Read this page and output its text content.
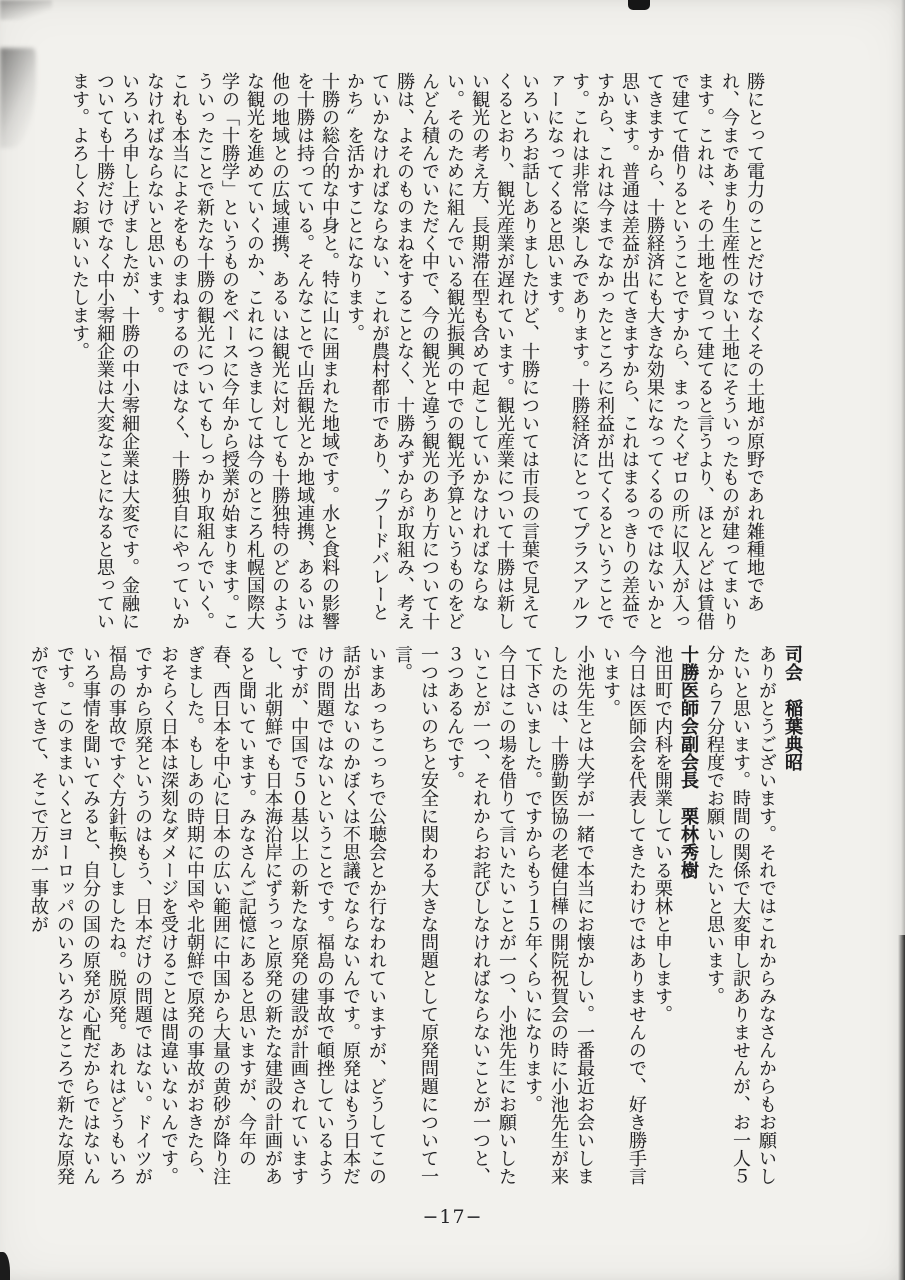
勝にとって電力のことだけでなくその土地が原野であれ雑種地であれ、今まであまり生産性のない土地にそういったものが建ってまいります。これは、その土地を買って建てると言うより、ほとんどは賃借で建てて借りるということですから、まったくゼロの所に収入が入ってきますから、十勝経済にも大きな効果になってくるのではないかと思います。普通は差益が出てきますから、これはまるっきりの差益ですから、これは今までなかったところに利益が出てくるということです。これは非常に楽しみであります。十勝経済にとってプラスアルファーになってくると思います。

いろいろお話しありましたけど、十勝については市長の言葉で見えてくるとおり、観光産業が遅れています。観光産業について十勝は新しい観光の考え方、長期滞在型も含めて起こしていかなければならない。そのために組んでいる観光振興の中での観光予算というものをどんどん積んでいただく中で、今の観光と違う観光のあり方について十勝は、よそのものまねをすることなく、十勝みずからが取組み、考えていかなければならない、これが農村都市であり、〝フードバレーとかち〟を活かすことになります。

十勝の総合的な中身と。特に山に囲まれた地域です。水と食料の影響を十勝は持っている。そんなことで山岳観光とか地域連携、あるいは他の地域との広域連携、あるいは観光に対しても十勝独特のどのような観光を進めていくのか、これにつきましては今のところ札幌国際大学の「十勝学」というものをベースに今年から授業が始まります。こういったことで新たな十勝の観光についてもしっかり取組んでいく。これも本当によそをものまねするのではなく、十勝独自にやっていかなければならないと思います。

いろいろ申し上げましたが、十勝の中小零細企業は大変です。金融についても十勝だけでなく中小零細企業は大変なことになると思っています。よろしくお願いいたします。

司会　稲葉典昭

ありがとうございます。それではこれからみなさんからもお願いしたいと思います。時間の関係で大変申し訳ありませんが、お一人５分から７分程度でお願いしたいと思います。

十勝医師会副会長　栗林秀樹

池田町で内科を開業している栗林と申します。

今日は医師会を代表してきたわけではありませんので、好き勝手言います。

小池先生とは大学が一緒で本当にお懐かしい。一番最近お会いしましたのは、十勝勤医協の老健白樺の開院祝賀会の時に小池先生が来て下さいました。ですからもう１５年くらいになります。

今日はこの場を借りて言いたいことが一つ、小池先生にお願いしたいことが一つ、それからお詫びしなければならないことが一つと、３つあるんです。

一つはいのちと安全に関わる大きな問題として原発問題について一言。

いまあっちこっちで公聴会とか行なわれていますが、どうしてこの話が出ないのかぼくは不思議でならないんです。原発はもう日本だけの問題ではないということです。福島の事故で頓挫しているようですが、中国で５０基以上の新たな原発の建設が計画されていますし、北朝鮮でも日本海沿岸にずうっと原発の新たな建設の計画があると聞いています。みなさんご記憶にあると思いますが、今年の春、西日本を中心に日本の広い範囲に中国から大量の黄砂が降り注ぎました。もしあの時期に中国や北朝鮮で原発の事故がおきたら、おそらく日本は深刻なダメージを受けることは間違いないんです。ですから原発というのはもう、日本だけの問題ではない。ドイツが福島の事故ですぐ方針転換しましたね。脱原発。あれはどうもいろいろ事情を聞いてみると、自分の国の原発が心配だからではないんです。このままいくとヨーロッパのいろいろなところで新たな原発ができてきて、そこで万が一事故が

−17−
